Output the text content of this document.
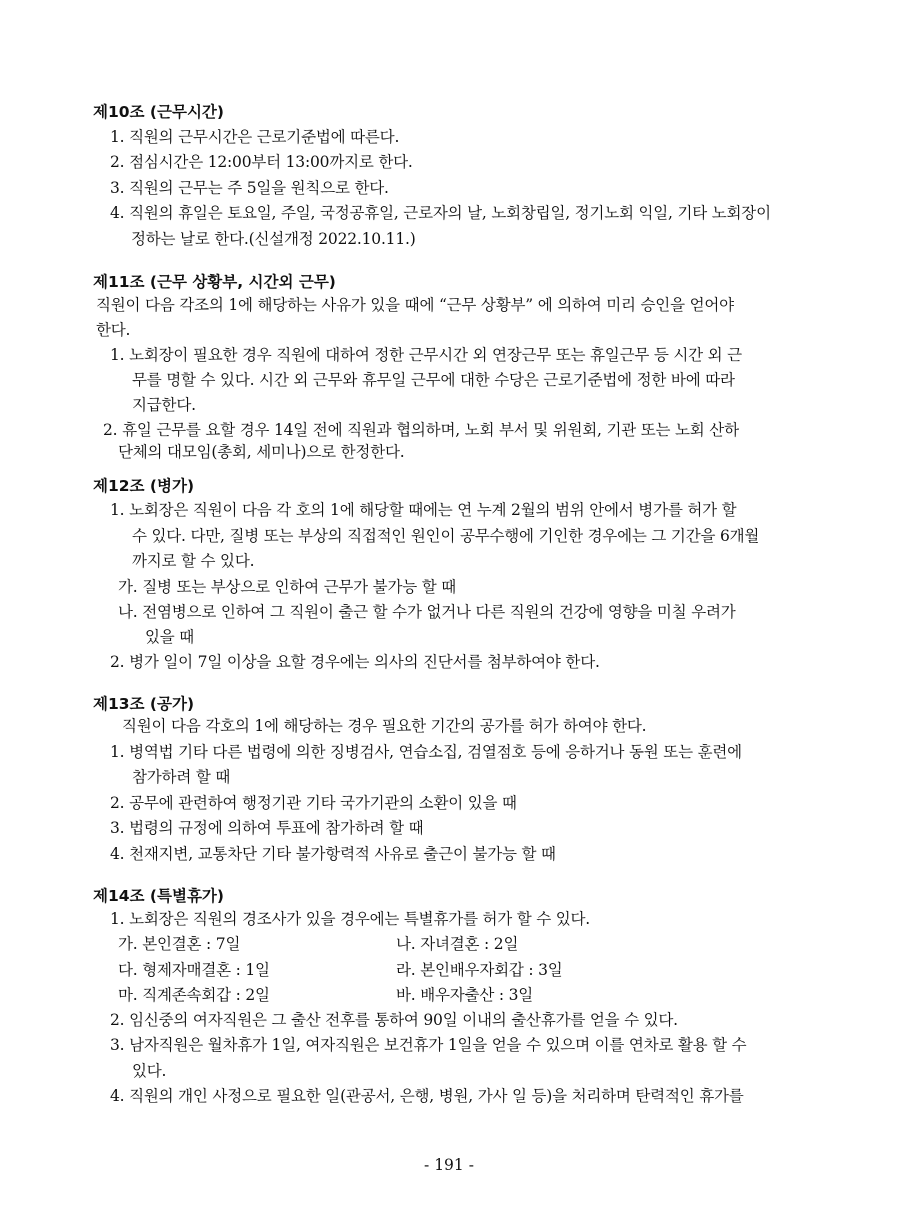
제10조 (근무시간)
1. 직원의 근무시간은 근로기준법에 따른다.
2. 점심시간은 12:00부터 13:00까지로 한다.
3. 직원의 근무는 주 5일을 원칙으로 한다.
4. 직원의 휴일은 토요일, 주일, 국정공휴일, 근로자의 날, 노회창립일, 정기노회 익일, 기타 노회장이
정하는 날로 한다.(신설개정 2022.10.11.)
제11조 (근무 상황부, 시간외 근무)
직원이 다음 각조의 1에 해당하는 사유가 있을 때에 “근무 상황부” 에 의하여 미리 승인을 얻어야
한다.
1. 노회장이 필요한 경우 직원에 대하여 정한 근무시간 외 연장근무 또는 휴일근무 등 시간 외 근
무를 명할 수 있다. 시간 외 근무와 휴무일 근무에 대한 수당은 근로기준법에 정한 바에 따라
지급한다.
2. 휴일 근무를 요할 경우 14일 전에 직원과 협의하며, 노회 부서 및 위원회, 기관 또는 노회 산하
단체의 대모임(총회, 세미나)으로 한정한다.
제12조 (병가)
1. 노회장은 직원이 다음 각 호의 1에 해당할 때에는 연 누계 2월의 범위 안에서 병가를 허가 할
수 있다. 다만, 질병 또는 부상의 직접적인 원인이 공무수행에 기인한 경우에는 그 기간을 6개월
까지로 할 수 있다.
가. 질병 또는 부상으로 인하여 근무가 불가능 할 때
나. 전염병으로 인하여 그 직원이 출근 할 수가 없거나 다른 직원의 건강에 영향을 미칠 우려가
있을 때
2. 병가 일이 7일 이상을 요할 경우에는 의사의 진단서를 첨부하여야 한다.
제13조 (공가)
직원이 다음 각호의 1에 해당하는 경우 필요한 기간의 공가를 허가 하여야 한다.
1. 병역법 기타 다른 법령에 의한 징병검사, 연습소집, 검열점호 등에 응하거나 동원 또는 훈련에
참가하려 할 때
2. 공무에 관련하여 행정기관 기타 국가기관의 소환이 있을 때
3. 법령의 규정에 의하여 투표에 참가하려 할 때
4. 천재지변, 교통차단 기타 불가항력적 사유로 출근이 불가능 할 때
제14조 (특별휴가)
1. 노회장은 직원의 경조사가 있을 경우에는 특별휴가를 허가 할 수 있다.
가. 본인결혼 : 7일	나. 자녀결혼 : 2일
다. 형제자매결혼 : 1일	라. 본인배우자회갑 : 3일
마. 직계존속회갑 : 2일	바. 배우자출산 : 3일
2. 임신중의 여자직원은 그 출산 전후를 통하여 90일 이내의 출산휴가를 얻을 수 있다.
3. 남자직원은 월차휴가 1일, 여자직원은 보건휴가 1일을 얻을 수 있으며 이를 연차로 활용 할 수
있다.
4. 직원의 개인 사정으로 필요한 일(관공서, 은행, 병원, 가사 일 등)을 처리하며 탄력적인 휴가를
- 191 -
